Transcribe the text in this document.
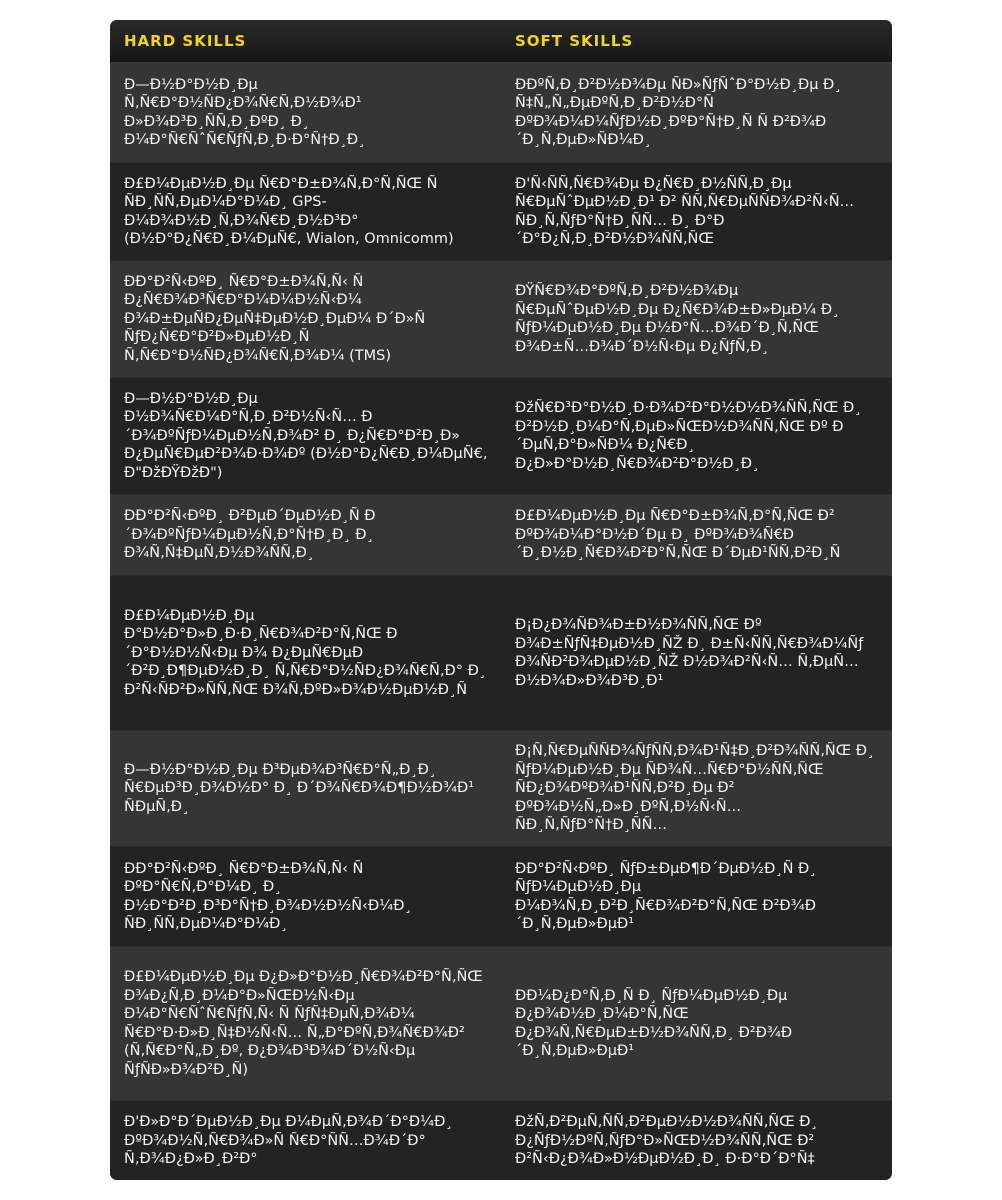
HARD SKILLS	SOFT SKILLS
Ð—Ð½Ð°Ð½Ð¸Ðµ Ñ‚Ñ€Ð°Ð½ÑÐ¿Ð¾Ñ€Ñ‚Ð½Ð¾Ð¹ Ð»Ð¾Ð³Ð¸ÑÑ‚Ð¸ÐºÐ¸ Ð¸ Ð¼Ð°Ñ€ÑˆÑ€ÑƒÑ‚Ð¸Ð·Ð°Ñ†Ð¸Ð¸
ÐÐºÑ‚Ð¸Ð²Ð½Ð¾Ðµ ÑÐ»ÑƒÑˆÐ°Ð½Ð¸Ðµ Ð¸ Ñ‡Ñ„Ñ„ÐµÐºÑ‚Ð¸Ð²Ð½Ð°Ñ ÐºÐ¾Ð¼Ð¼ÑƒÐ½Ð¸ÐºÐ°Ñ†Ð¸Ñ Ñ Ð²Ð¾Ð´Ð¸Ñ‚ÐµÐ»ÑÐ¼Ð¸
Ð£Ð¼ÐµÐ½Ð¸Ðµ Ñ€Ð°Ð±Ð¾Ñ‚Ð°Ñ‚ÑŒ Ñ ÑÐ¸ÑÑ‚ÐµÐ¼Ð°Ð¼Ð¸ GPS-Ð¼Ð¾Ð½Ð¸Ñ‚Ð¾Ñ€Ð¸Ð½Ð³Ð° (Ð½Ð°Ð¿Ñ€Ð¸Ð¼ÐµÑ€, Wialon, Omnicomm)
Ð'Ñ‹ÑÑ‚Ñ€Ð¾Ðµ Ð¿Ñ€Ð¸Ð½ÑÑ‚Ð¸Ðµ Ñ€ÐµÑˆÐµÐ½Ð¸Ð¹ Ð² ÑÑ‚Ñ€ÐµÑÑÐ¾Ð²Ñ‹Ñ… ÑÐ¸Ñ‚ÑƒÐ°Ñ†Ð¸ÑÑ… Ð¸ Ð°Ð´Ð°Ð¿Ñ‚Ð¸Ð²Ð½Ð¾ÑÑ‚ÑŒ
ÐÐ°Ð²Ñ‹ÐºÐ¸ Ñ€Ð°Ð±Ð¾Ñ‚Ñ‹ Ñ Ð¿Ñ€Ð¾Ð³Ñ€Ð°Ð¼Ð¼Ð½Ñ‹Ð¼ Ð¾Ð±ÐµÑÐ¿ÐµÑ‡ÐµÐ½Ð¸ÐµÐ¼ Ð´Ð»Ñ ÑƒÐ¿Ñ€Ð°Ð²Ð»ÐµÐ½Ð¸Ñ Ñ‚Ñ€Ð°Ð½ÑÐ¿Ð¾Ñ€Ñ‚Ð¾Ð¼ (TMS)
ÐŸÑ€Ð¾Ð°ÐºÑ‚Ð¸Ð²Ð½Ð¾Ðµ Ñ€ÐµÑˆÐµÐ½Ð¸Ðµ Ð¿Ñ€Ð¾Ð±Ð»ÐµÐ¼ Ð¸ ÑƒÐ¼ÐµÐ½Ð¸Ðµ Ð½Ð°Ñ…Ð¾Ð´Ð¸Ñ‚ÑŒ Ð¾Ð±Ñ…Ð¾Ð´Ð½Ñ‹Ðµ Ð¿ÑƒÑ‚Ð¸
Ð—Ð½Ð°Ð½Ð¸Ðµ Ð½Ð¾Ñ€Ð¼Ð°Ñ‚Ð¸Ð²Ð½Ñ‹Ñ… Ð´Ð¾ÐºÑƒÐ¼ÐµÐ½Ñ‚Ð¾Ð² Ð¸ Ð¿Ñ€Ð°Ð²Ð¸Ð» Ð¿ÐµÑ€ÐµÐ²Ð¾Ð·Ð¾Ðº (Ð½Ð°Ð¿Ñ€Ð¸Ð¼ÐµÑ€, Ð"ÐžÐŸÐžÐ")
ÐžÑ€Ð³Ð°Ð½Ð¸Ð·Ð¾Ð²Ð°Ð½Ð½Ð¾ÑÑ‚ÑŒ Ð¸ Ð²Ð½Ð¸Ð¼Ð°Ñ‚ÐµÐ»ÑŒÐ½Ð¾ÑÑ‚ÑŒ Ðº Ð´ÐµÑ‚Ð°Ð»ÑÐ¼ Ð¿Ñ€Ð¸ Ð¿Ð»Ð°Ð½Ð¸Ñ€Ð¾Ð²Ð°Ð½Ð¸Ð¸
ÐÐ°Ð²Ñ‹ÐºÐ¸ Ð²ÐµÐ´ÐµÐ½Ð¸Ñ Ð´Ð¾ÐºÑƒÐ¼ÐµÐ½Ñ‚Ð°Ñ†Ð¸Ð¸ Ð¸ Ð¾Ñ‚Ñ‡ÐµÑ‚Ð½Ð¾ÑÑ‚Ð¸
Ð£Ð¼ÐµÐ½Ð¸Ðµ Ñ€Ð°Ð±Ð¾Ñ‚Ð°Ñ‚ÑŒ Ð² ÐºÐ¾Ð¼Ð°Ð½Ð´Ðµ Ð¸ ÐºÐ¾Ð¾Ñ€Ð´Ð¸Ð½Ð¸Ñ€Ð¾Ð²Ð°Ñ‚ÑŒ Ð´ÐµÐ¹ÑÑ‚Ð²Ð¸Ñ
Ð£Ð¼ÐµÐ½Ð¸Ðµ Ð°Ð½Ð°Ð»Ð¸Ð·Ð¸Ñ€Ð¾Ð²Ð°Ñ‚ÑŒ Ð´Ð°Ð½Ð½Ñ‹Ðµ Ð¾ Ð¿ÐµÑ€ÐµÐ´Ð²Ð¸Ð¶ÐµÐ½Ð¸Ð¸ Ñ‚Ñ€Ð°Ð½ÑÐ¿Ð¾Ñ€Ñ‚Ð° Ð¸ Ð²Ñ‹ÑÐ²Ð»ÑÑ‚ÑŒ Ð¾Ñ‚ÐºÐ»Ð¾Ð½ÐµÐ½Ð¸Ñ
Ð¡Ð¿Ð¾ÑÐ¾Ð±Ð½Ð¾ÑÑ‚ÑŒ Ðº Ð¾Ð±ÑƒÑ‡ÐµÐ½Ð¸ÑŽ Ð¸ Ð±Ñ‹ÑÑ‚Ñ€Ð¾Ð¼Ñƒ Ð¾ÑÐ²Ð¾ÐµÐ½Ð¸ÑŽ Ð½Ð¾Ð²Ñ‹Ñ… Ñ‚ÐµÑ…Ð½Ð¾Ð»Ð¾Ð³Ð¸Ð¹
Ð—Ð½Ð°Ð½Ð¸Ðµ Ð³ÐµÐ¾Ð³Ñ€Ð°Ñ„Ð¸Ð¸ Ñ€ÐµÐ³Ð¸Ð¾Ð½Ð° Ð¸ Ð´Ð¾Ñ€Ð¾Ð¶Ð½Ð¾Ð¹ ÑÐµÑ‚Ð¸
Ð¡Ñ‚Ñ€ÐµÑÑÐ¾ÑƒÑÑ‚Ð¾Ð¹Ñ‡Ð¸Ð²Ð¾ÑÑ‚ÑŒ Ð¸ ÑƒÐ¼ÐµÐ½Ð¸Ðµ ÑÐ¾Ñ…Ñ€Ð°Ð½ÑÑ‚ÑŒ ÑÐ¿Ð¾ÐºÐ¾Ð¹ÑÑ‚Ð²Ð¸Ðµ Ð² ÐºÐ¾Ð½Ñ„Ð»Ð¸ÐºÑ‚Ð½Ñ‹Ñ… ÑÐ¸Ñ‚ÑƒÐ°Ñ†Ð¸ÑÑ…
ÐÐ°Ð²Ñ‹ÐºÐ¸ Ñ€Ð°Ð±Ð¾Ñ‚Ñ‹ Ñ ÐºÐ°Ñ€Ñ‚Ð°Ð¼Ð¸ Ð¸ Ð½Ð°Ð²Ð¸Ð³Ð°Ñ†Ð¸Ð¾Ð½Ð½Ñ‹Ð¼Ð¸ ÑÐ¸ÑÑ‚ÐµÐ¼Ð°Ð¼Ð¸
ÐÐ°Ð²Ñ‹ÐºÐ¸ ÑƒÐ±ÐµÐ¶Ð´ÐµÐ½Ð¸Ñ Ð¸ ÑƒÐ¼ÐµÐ½Ð¸Ðµ Ð¼Ð¾Ñ‚Ð¸Ð²Ð¸Ñ€Ð¾Ð²Ð°Ñ‚ÑŒ Ð²Ð¾Ð´Ð¸Ñ‚ÐµÐ»ÐµÐ¹
Ð£Ð¼ÐµÐ½Ð¸Ðµ Ð¿Ð»Ð°Ð½Ð¸Ñ€Ð¾Ð²Ð°Ñ‚ÑŒ Ð¾Ð¿Ñ‚Ð¸Ð¼Ð°Ð»ÑŒÐ½Ñ‹Ðµ Ð¼Ð°Ñ€ÑˆÑ€ÑƒÑ‚Ñ‹ Ñ ÑƒÑ‡ÐµÑ‚Ð¾Ð¼ Ñ€Ð°Ð·Ð»Ð¸Ñ‡Ð½Ñ‹Ñ… Ñ„Ð°ÐºÑ‚Ð¾Ñ€Ð¾Ð² (Ñ‚Ñ€Ð°Ñ„Ð¸Ðº, Ð¿Ð¾Ð³Ð¾Ð´Ð½Ñ‹Ðµ ÑƒÑÐ»Ð¾Ð²Ð¸Ñ)
ÐÐ¼Ð¿Ð°Ñ‚Ð¸Ñ Ð¸ ÑƒÐ¼ÐµÐ½Ð¸Ðµ Ð¿Ð¾Ð½Ð¸Ð¼Ð°Ñ‚ÑŒ Ð¿Ð¾Ñ‚Ñ€ÐµÐ±Ð½Ð¾ÑÑ‚Ð¸ Ð²Ð¾Ð´Ð¸Ñ‚ÐµÐ»ÐµÐ¹
Ð'Ð»Ð°Ð´ÐµÐ½Ð¸Ðµ Ð¼ÐµÑ‚Ð¾Ð´Ð°Ð¼Ð¸ ÐºÐ¾Ð½Ñ‚Ñ€Ð¾Ð»Ñ Ñ€Ð°ÑÑ…Ð¾Ð´Ð° Ñ‚Ð¾Ð¿Ð»Ð¸Ð²Ð°
ÐžÑ‚Ð²ÐµÑ‚ÑÑ‚Ð²ÐµÐ½Ð½Ð¾ÑÑ‚ÑŒ Ð¸ Ð¿ÑƒÐ½ÐºÑ‚ÑƒÐ°Ð»ÑŒÐ½Ð¾ÑÑ‚ÑŒ Ð² Ð²Ñ‹Ð¿Ð¾Ð»Ð½ÐµÐ½Ð¸Ð¸ Ð·Ð°Ð´Ð°Ñ‡
